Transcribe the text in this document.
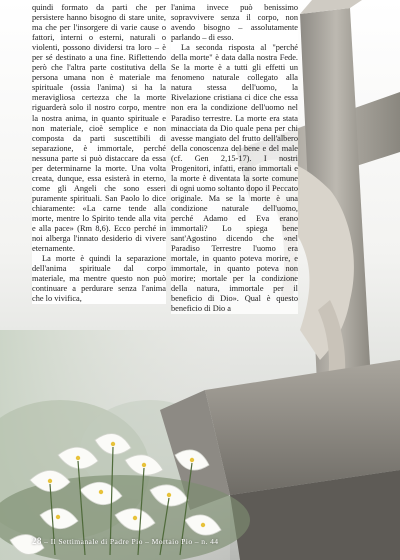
quindi formato da parti che per persistere hanno bisogno di stare unite, ma che per l'insorgere di varie cause o fattori, interni o esterni, naturali o violenti, possono dividersi tra loro – è per sé destinato a una fine. Riflettendo però che l'altra parte costitutiva della persona umana non è materiale ma spirituale (ossia l'anima) si ha la meravigliosa certezza che la morte riguarderà solo il nostro corpo, mentre la nostra anima, in quanto spirituale e non materiale, cioè semplice e non composta da parti suscettibili di separazione, è immortale, perché nessuna parte si può distaccare da essa per determinarne la morte. Una volta creata, dunque, essa esisterà in eterno, come gli Angeli che sono esseri puramente spirituali. San Paolo lo dice chiaramente: «La carne tende alla morte, mentre lo Spirito tende alla vita e alla pace» (Rm 8,6). Ecco perché in noi alberga l'innato desiderio di vivere eternamente.

La morte è quindi la separazione dell'anima spirituale dal corpo materiale, ma mentre questo non può continuare a perdurare senza l'anima che lo vivifica,

l'anima invece può benissimo sopravvivere senza il corpo, non avendo bisogno – assolutamente parlando – di esso.

La seconda risposta al "perché della morte" è data dalla nostra Fede. Se la morte è a tutti gli effetti un fenomeno naturale collegato alla natura stessa dell'uomo, la Rivelazione cristiana ci dice che essa non era la condizione dell'uomo nel Paradiso terrestre. La morte era stata minacciata da Dio quale pena per chi avesse mangiato del frutto dell'albero della conoscenza del bene e del male (cf. Gen 2,15-17). I nostri Progenitori, infatti, erano immortali e la morte è diventata la sorte comune di ogni uomo soltanto dopo il Peccato originale. Ma se la morte è una condizione naturale dell'uomo, perché Adamo ed Eva erano immortali? Lo spiega bene sant'Agostino dicendo che «nel Paradiso Terrestre l'uomo era mortale, in quanto poteva morire, e immortale, in quanto poteva non morire; mortale per la condizione della natura, immortale per il beneficio di Dio». Qual è questo beneficio di Dio a

28 – Il Settimanale di Padre Pio – Mortaio Pio – n. 44
